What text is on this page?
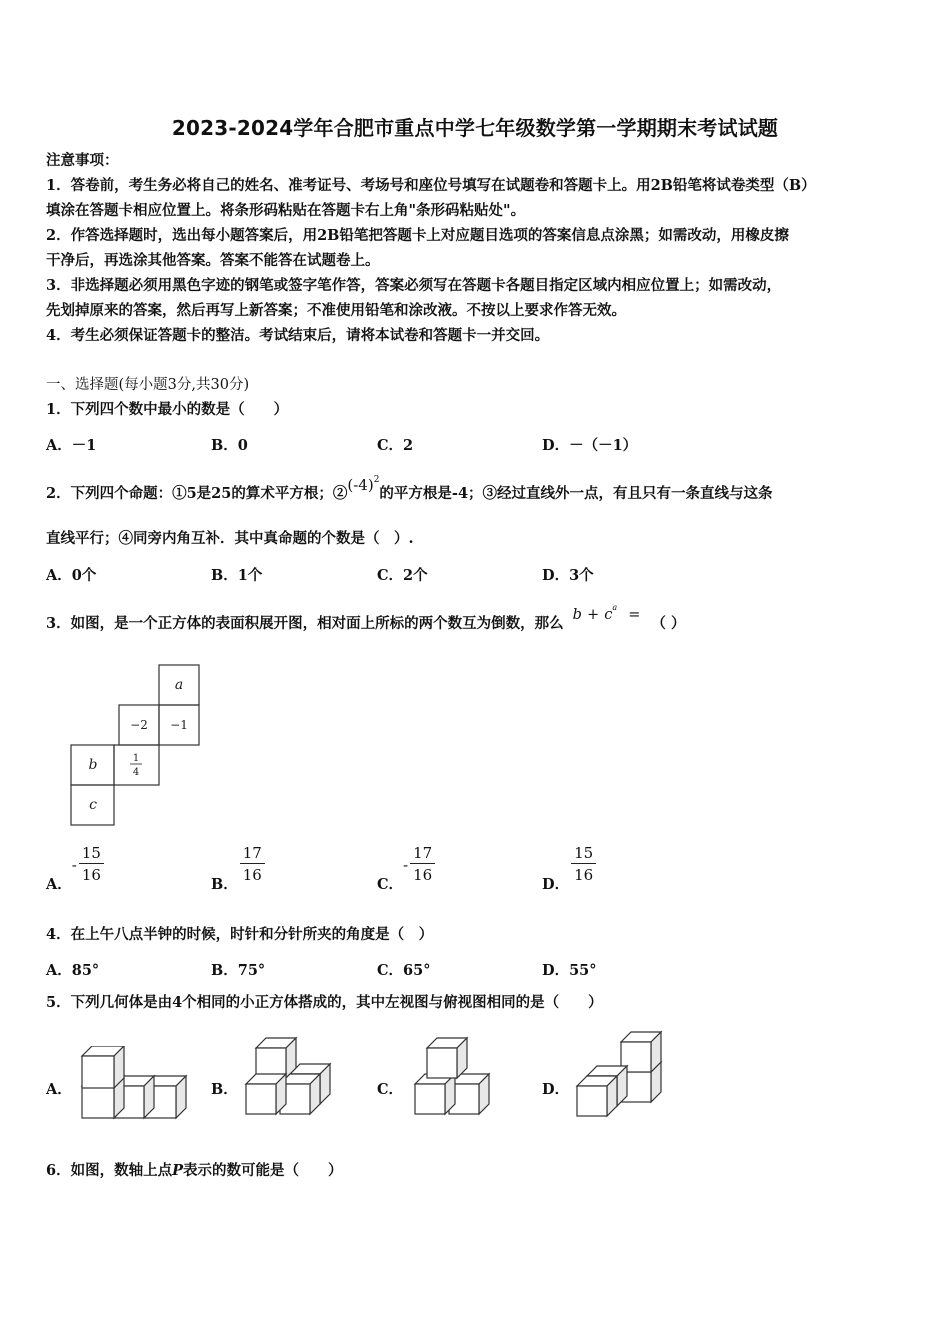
2023-2024学年合肥市重点中学七年级数学第一学期期末考试试题
注意事项：
1．答卷前，考生务必将自己的姓名、准考证号、考场号和座位号填写在试题卷和答题卡上。用2B铅笔将试卷类型（B）
填涂在答题卡相应位置上。将条形码粘贴在答题卡右上角"条形码粘贴处"。
2．作答选择题时，选出每小题答案后，用2B铅笔把答题卡上对应题目选项的答案信息点涂黑；如需改动，用橡皮擦
干净后，再选涂其他答案。答案不能答在试题卷上。
3．非选择题必须用黑色字迹的钢笔或签字笔作答，答案必须写在答题卡各题目指定区域内相应位置上；如需改动，
先划掉原来的答案，然后再写上新答案；不准使用铅笔和涂改液。不按以上要求作答无效。
4．考生必须保证答题卡的整洁。考试结束后，请将本试卷和答题卡一并交回。
一、选择题(每小题3分,共30分)
1．下列四个数中最小的数是（　　）
A．－1	B．0	C．2	D．－（－1）
2．下列四个命题：①5是25的算术平方根；$②(-4)^2$的平方根是-4；③经过直线外一点，有且只有一条直线与这条
直线平行；④同旁内角互补．其中真命题的个数是（　）.
A．0个	B．1个	C．2个	D．3个
3．如图，是一个正方体的表面积展开图，相对面上所标的两个数互为倒数，那么 $b + c^a$ = （ ）
a
−2 −1
b	1
4
c
A．- $\frac{15}{16}$	B． $\frac{17}{16}$	C．- $\frac{17}{16}$	D． $\frac{15}{16}$
4．在上午八点半钟的时候，时针和分针所夹的角度是（　）
A．85°	B．75°	C．65°	D．55°
5．下列几何体是由4个相同的小正方体搭成的，其中左视图与俯视图相同的是（　　）
A．	B．	C．	D．
6．如图，数轴上点P表示的数可能是（　　）
